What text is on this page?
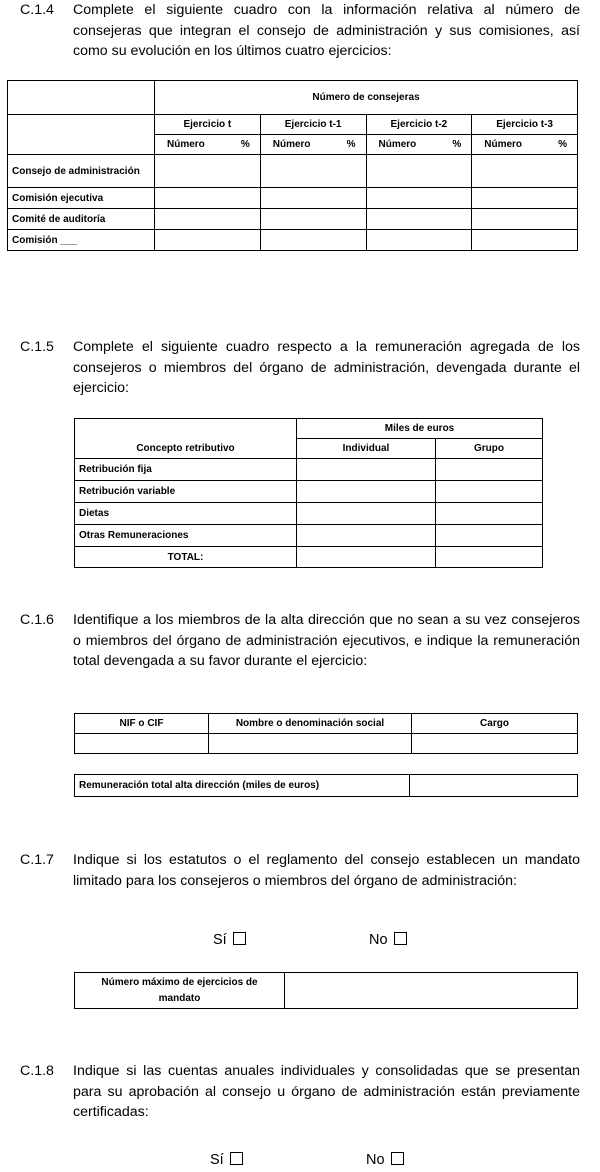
C.1.4 Complete el siguiente cuadro con la información relativa al número de consejeras que integran el consejo de administración y sus comisiones, así como su evolución en los últimos cuatro ejercicios:
	Número de consejeras			
	Ejercicio t	Ejercicio t-1	Ejercicio t-2	Ejercicio t-3

	Número %	Número %	Número %	Número %

Consejo de administración				
Comisión ejecutiva				
Comité de auditoría				
Comisión ___				
C.1.5 Complete el siguiente cuadro respecto a la remuneración agregada de los consejeros o miembros del órgano de administración, devengada durante el ejercicio:
	Miles de euros	
Concepto retributivo	Individual	Grupo
Retribución fija		
Retribución variable		
Dietas		
Otras Remuneraciones		
TOTAL:		
C.1.6 Identifique a los miembros de la alta dirección que no sean a su vez consejeros o miembros del órgano de administración ejecutivos, e indique la remuneración total devengada a su favor durante el ejercicio:
NIF o CIF	Nombre o denominación social	Cargo

Remuneración total alta dirección (miles de euros)	
C.1.7 Indique si los estatutos o el reglamento del consejo establecen un mandato limitado para los consejeros o miembros del órgano de administración:
Sí	No
Número máximo de ejercicios de mandato	
C.1.8 Indique si las cuentas anuales individuales y consolidadas que se presentan para su aprobación al consejo u órgano de administración están previamente certificadas:
Sí	No
